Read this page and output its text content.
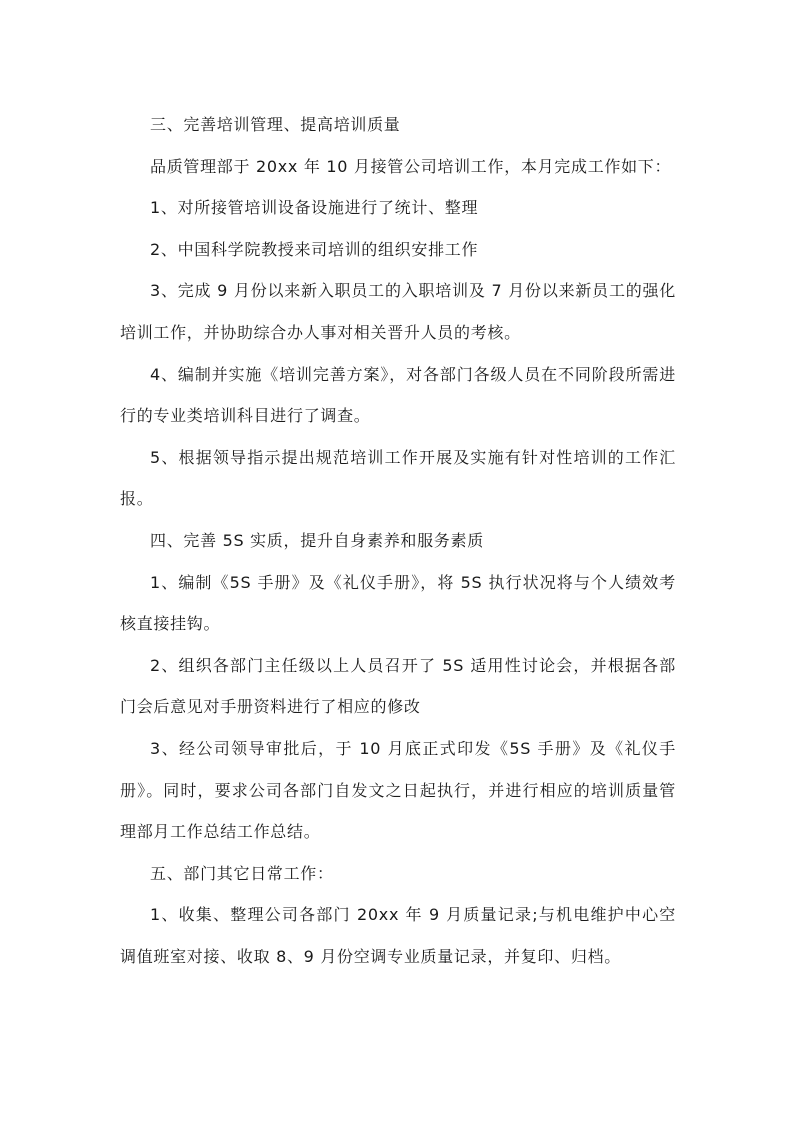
三、完善培训管理、提高培训质量

品质管理部于 20xx 年 10 月接管公司培训工作，本月完成工作如下：

1、对所接管培训设备设施进行了统计、整理

2、中国科学院教授来司培训的组织安排工作

3、完成 9 月份以来新入职员工的入职培训及 7 月份以来新员工的强化培训工作，并协助综合办人事对相关晋升人员的考核。

4、编制并实施《培训完善方案》，对各部门各级人员在不同阶段所需进行的专业类培训科目进行了调查。

5、根据领导指示提出规范培训工作开展及实施有针对性培训的工作汇报。

四、完善 5S 实质，提升自身素养和服务素质

1、编制《5S 手册》及《礼仪手册》，将 5S 执行状况将与个人绩效考核直接挂钩。

2、组织各部门主任级以上人员召开了 5S 适用性讨论会，并根据各部门会后意见对手册资料进行了相应的修改

3、经公司领导审批后，于 10 月底正式印发《5S 手册》及《礼仪手册》。同时，要求公司各部门自发文之日起执行，并进行相应的培训质量管理部月工作总结工作总结。

五、部门其它日常工作：

1、收集、整理公司各部门 20xx 年 9 月质量记录;与机电维护中心空调值班室对接、收取 8、9 月份空调专业质量记录，并复印、归档。
